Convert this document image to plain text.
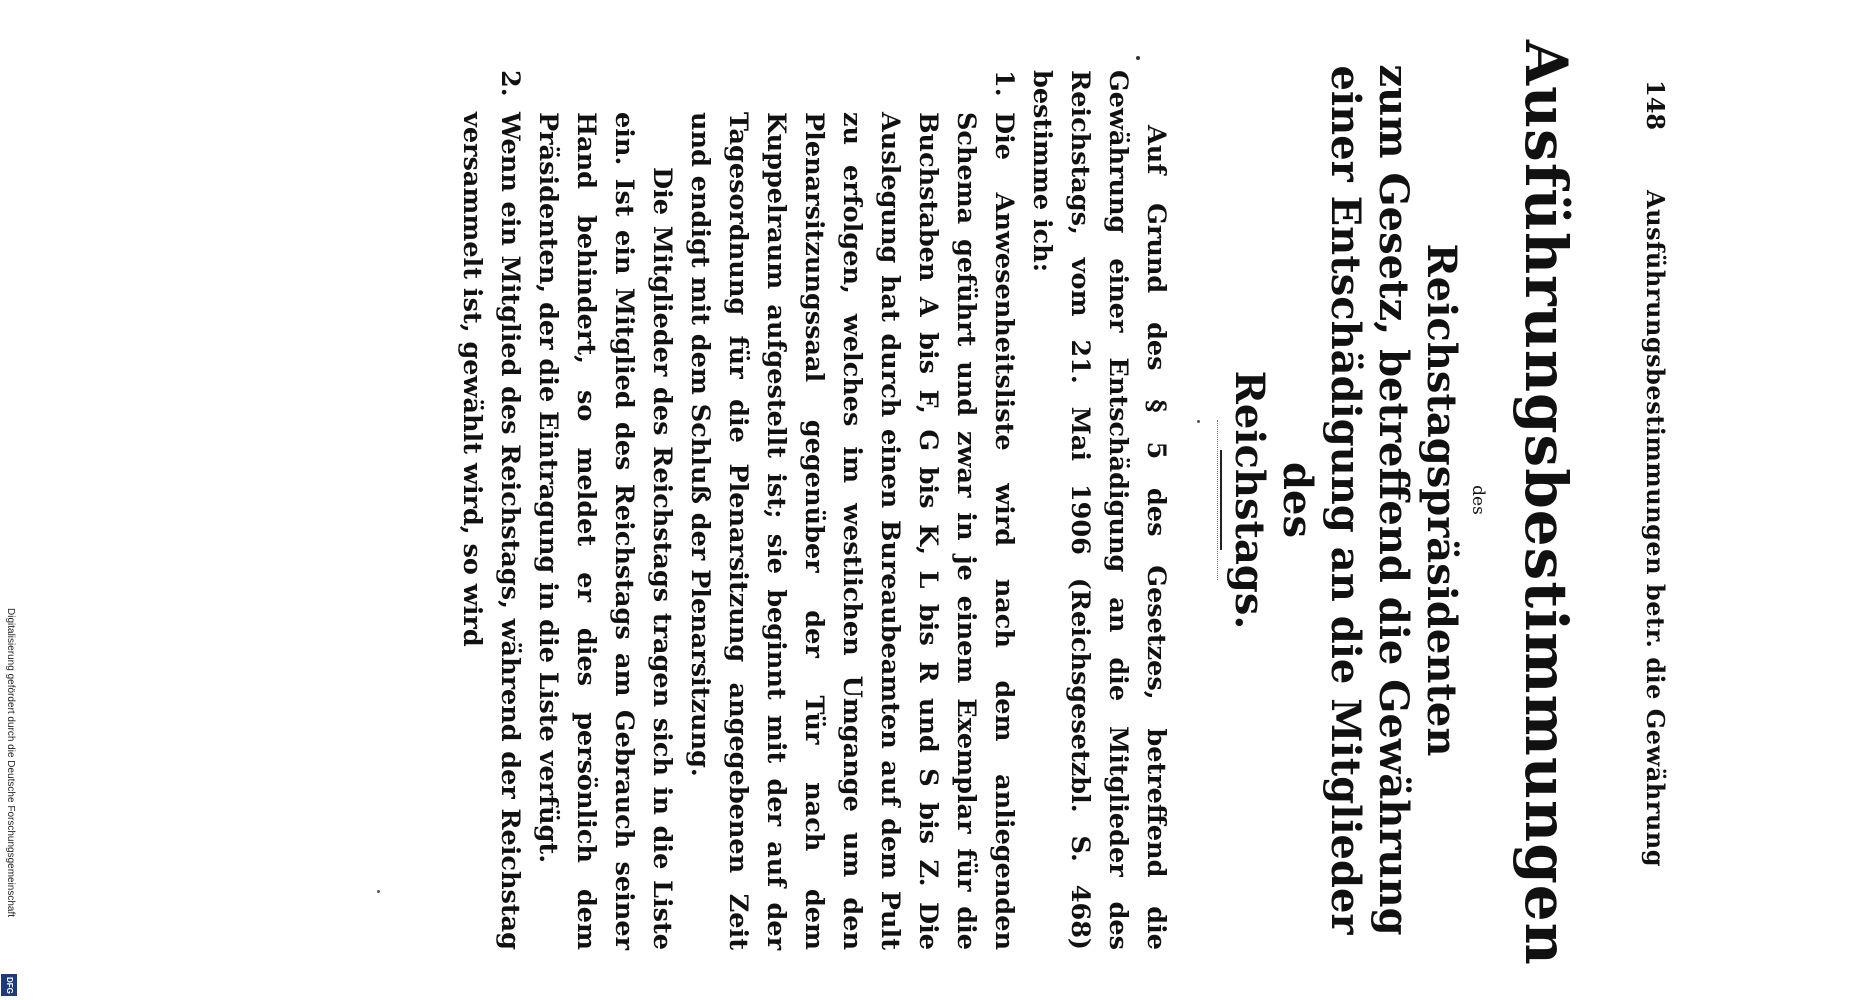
148
Ausführungsbestimmungen betr. die Gewährung
Ausführungsbestimmungen
des
Reichstagspräsidenten
zum Gesetz, betreffend die Gewährung
einer Entschädigung an die Mitglieder des
Reichstags.

Auf Grund des § 5 des Gesetzes, betreffend die Gewährung einer Entschädigung an die Mitglieder des Reichstags, vom 21. Mai 1906 (Reichsgesetzbl. S. 468) bestimme ich:

1.Die Anwesenheitsliste wird nach dem anliegenden Schema geführt und zwar in je einem Exemplar für die Buchstaben A bis F, G bis K, L bis R und S bis Z. Die Auslegung hat durch einen Bureaubeamten auf dem Pult zu erfolgen, welches im westlichen Umgange um den Plenarsitzungssaal gegenüber der Tür nach dem Kuppelraum aufgestellt ist; sie beginnt mit der auf der Tagesordnung für die Plenarsitzung angegebenen Zeit und endigt mit dem Schluß der Plenarsitzung.

Die Mitglieder des Reichstags tragen sich in die Liste ein. Ist ein Mitglied des Reichstags am Gebrauch seiner Hand behindert, so meldet er dies persönlich dem Präsidenten, der die Eintragung in die Liste verfügt.

2.Wenn ein Mitglied des Reichstags, während der Reichstag versammelt ist, gewählt wird, so wird

Digitalisierung gefördert durch die Deutsche Forschungsgemeinschaft
DFG
